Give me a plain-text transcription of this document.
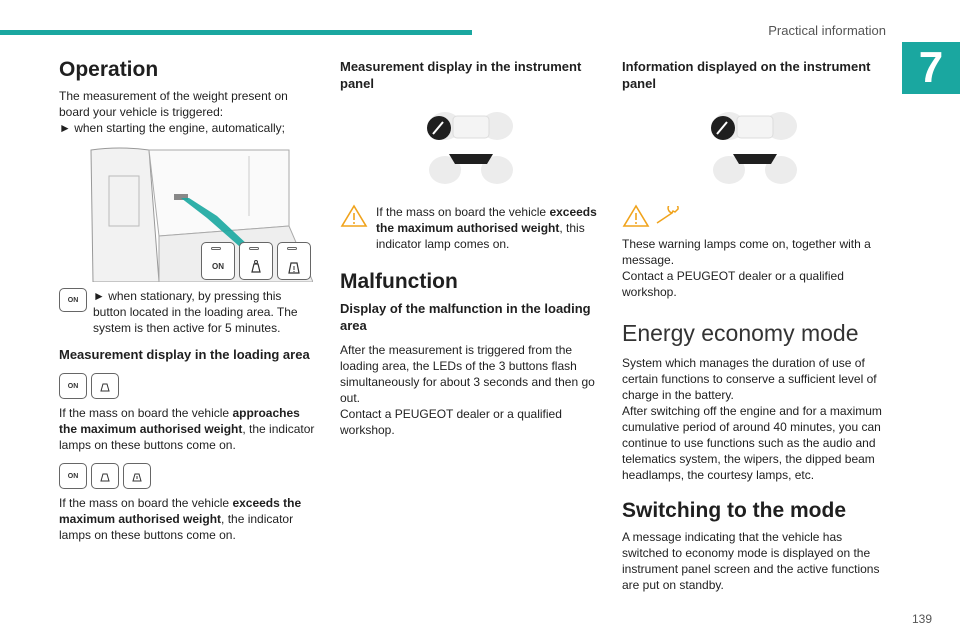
Practical information
7
Operation

The measurement of the weight present on board your vehicle is triggered:

► when starting the engine, automatically;

ON
ON ► when stationary, by pressing this button located in the loading area. The system is then active for 5 minutes.

Measurement display in the loading area
ON

If the mass on board the vehicle approaches the maximum authorised weight, the indicator lamps on these buttons come on.

ON

If the mass on board the vehicle exceeds the maximum authorised weight, the indicator lamps on these buttons come on.

Measurement display in the instrument panel

If the mass on board the vehicle exceeds the maximum authorised weight, this indicator lamp comes on.

Malfunction
Display of the malfunction in the loading area

After the measurement is triggered from the loading area, the LEDs of the 3 buttons flash simultaneously for about 3 seconds and then go out.

Contact a PEUGEOT dealer or a qualified workshop.

Information displayed on the instrument panel

These warning lamps come on, together with a message.

Contact a PEUGEOT dealer or a qualified workshop.

Energy economy mode

System which manages the duration of use of certain functions to conserve a sufficient level of charge in the battery.

After switching off the engine and for a maximum cumulative period of around 40 minutes, you can continue to use functions such as the audio and telematics system, the wipers, the dipped beam headlamps, the courtesy lamps, etc.

Switching to the mode

A message indicating that the vehicle has switched to economy mode is displayed on the instrument panel screen and the active functions are put on standby.

139
